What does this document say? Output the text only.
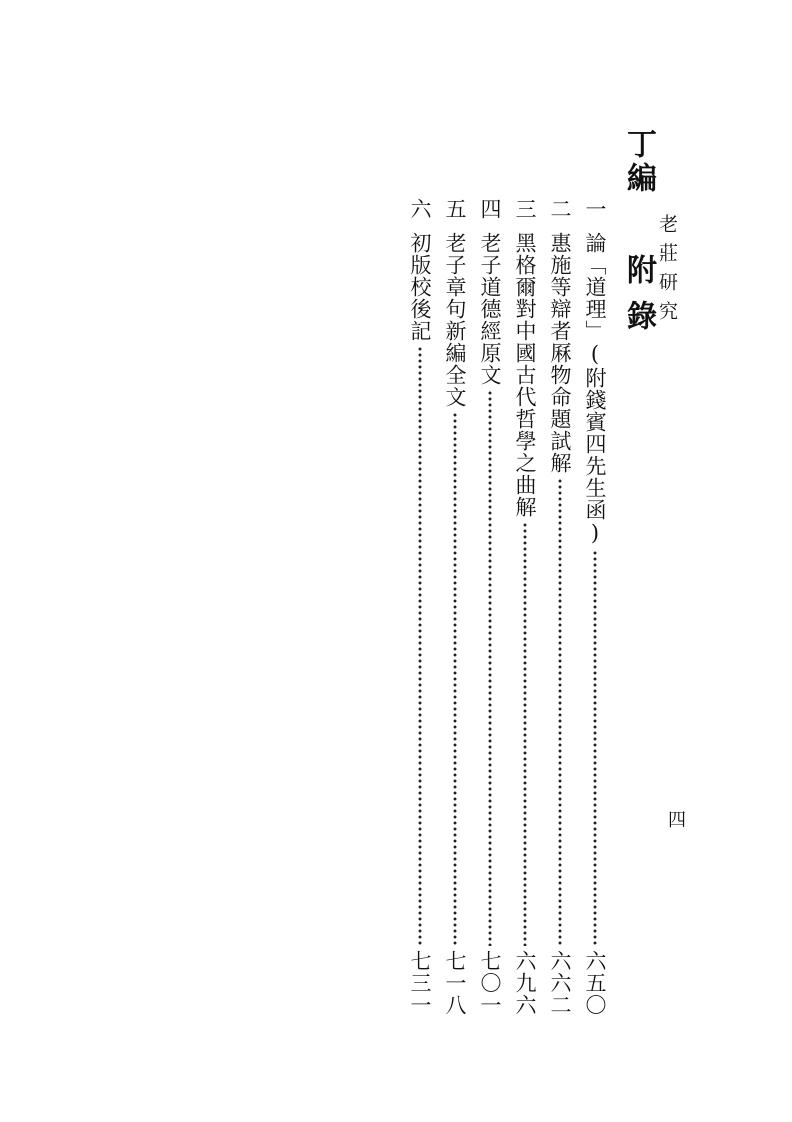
老莊研究
四
丁編
附錄
一
論「道理」(附錢賓四先生函)
六五〇
二
惠施等辯者厤物命題試解
六六二
三
黑格爾對中國古代哲學之曲解
六九六
四
老子道德經原文
七〇一
五
老子章句新編全文
七一八
六
初版校後記
七三一
